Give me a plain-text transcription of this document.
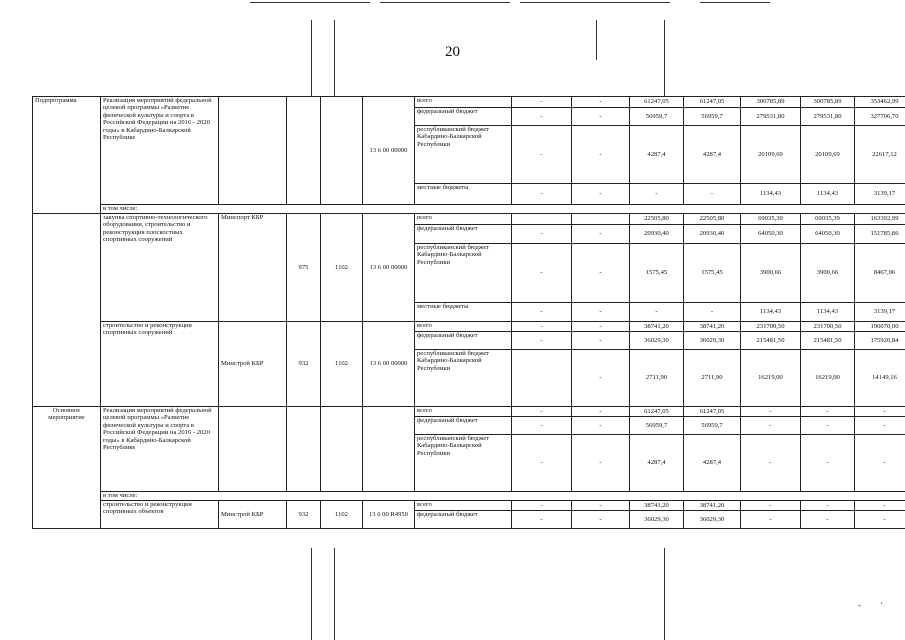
- ·
20
Подпрограмма	Реализация мероприятий федеральной целевой программы «Развитие физической культуры и спорта в Российской Федерации на 2016 - 2020 годы» в Кабардино-Балкарской Республике				13 6 00 00000	всего	-	-	61247,05	61247,05	300785,89	300785,89	353462,99
						федеральный бюджет	-	-	56959,7	56959,7	279531,80	279531,80	327706,70
						республиканский бюджет Кабардино-Балкарской Республики	-	-	4287,4	4287,4	20109,69	20109,69	22617,12
						местные бюджеты	-	-	-	-	1134,43	1134,43	3139,17
	в том числе:												
	закупка спортивно-технологического оборудования, строительство и реконструкция плоскостных спортивных сооружений	Минспорт КБР	975	1102	13 6 00 00000	всего			22505,80	22505,80	69035,39	69035,39	163392,99
						федеральный бюджет	-	-	20930,40	20930,40	64050,30	64050,30	151785,86
						республиканский бюджет Кабардино-Балкарской Республики	-	-	1575,45	1575,45	3900,66	3900,66	8467,96
						местные бюджеты	-	-	-	-	1134,43	1134,43	3139,17
	строительство и реконструкция спортивных сооружений	Минстрой КБР	932	1102	13 6 00 00000	всего	-	-	38741,20	38741,20	231700,50	231700,50	190070,00
						федеральный бюджет	-	-	36029,30	36029,30	215481,50	215481,50	175920,84
						республиканский бюджет Кабардино-Балкарской Республики		-	2711,90	2711,90	16219,00	16219,00	14149,16
Основное мероприятие	Реализация мероприятий федеральной целевой программы «Развитие физической культуры и спорта в Российской Федерации на 2016 - 2020 годы» в Кабардино-Балкарской Республике					всего	-	-	61247,05	61247,05	-	-	-
						федеральный бюджет	-	-	56959,7	56959,7	-	-	-
						республиканский бюджет Кабардино-Балкарской Республики	-	-	4287,4	4287,4	-	-	-
	в том числе:												
	строительство и реконструкция спортивных объектов	Минстрой КБР	932	1102	13 6 00 R4950	всего	-	-	38741,20	38741,20	-	-	-
						федеральный бюджет	-	-	36029,30	36029,30	-	-	-
